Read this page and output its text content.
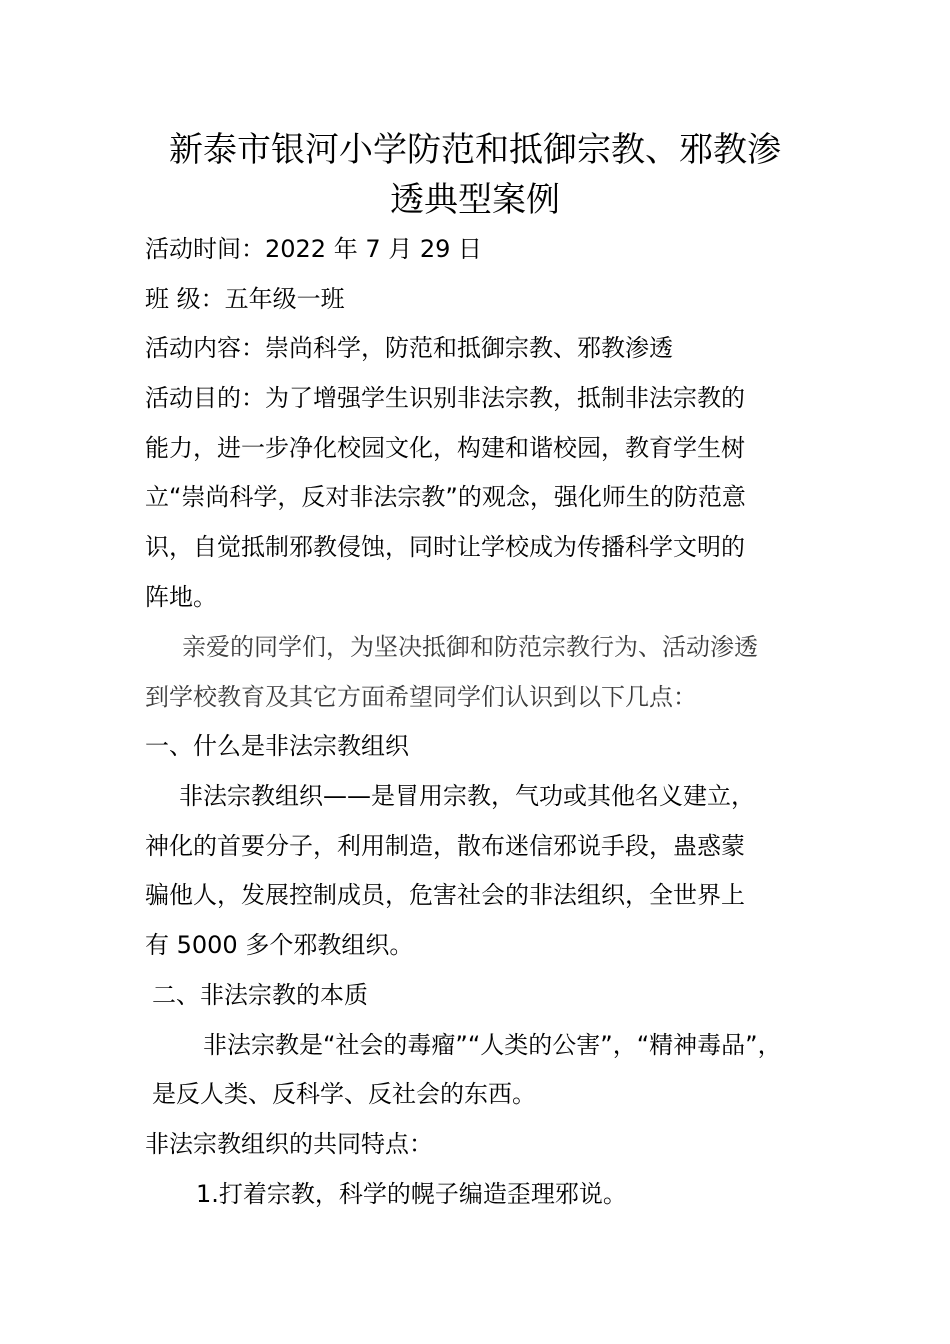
新泰市银河小学防范和抵御宗教、邪教渗
透典型案例
活动时间：2022 年 7 月 29 日
班 级：五年级一班
活动内容：崇尚科学，防范和抵御宗教、邪教渗透
活动目的：为了增强学生识别非法宗教，抵制非法宗教的
能力，进一步净化校园文化，构建和谐校园，教育学生树
立“崇尚科学，反对非法宗教”的观念，强化师生的防范意
识，自觉抵制邪教侵蚀，同时让学校成为传播科学文明的
阵地。
亲爱的同学们，为坚决抵御和防范宗教行为、活动渗透
到学校教育及其它方面希望同学们认识到以下几点：
一、什么是非法宗教组织
非法宗教组织——是冒用宗教，气功或其他名义建立，
神化的首要分子，利用制造，散布迷信邪说手段，蛊惑蒙
骗他人，发展控制成员，危害社会的非法组织，全世界上
有 5000 多个邪教组织。
二、非法宗教的本质
非法宗教是“社会的毒瘤”“人类的公害”，“精神毒品”，
是反人类、反科学、反社会的东西。
非法宗教组织的共同特点：
1.打着宗教，科学的幌子编造歪理邪说。
